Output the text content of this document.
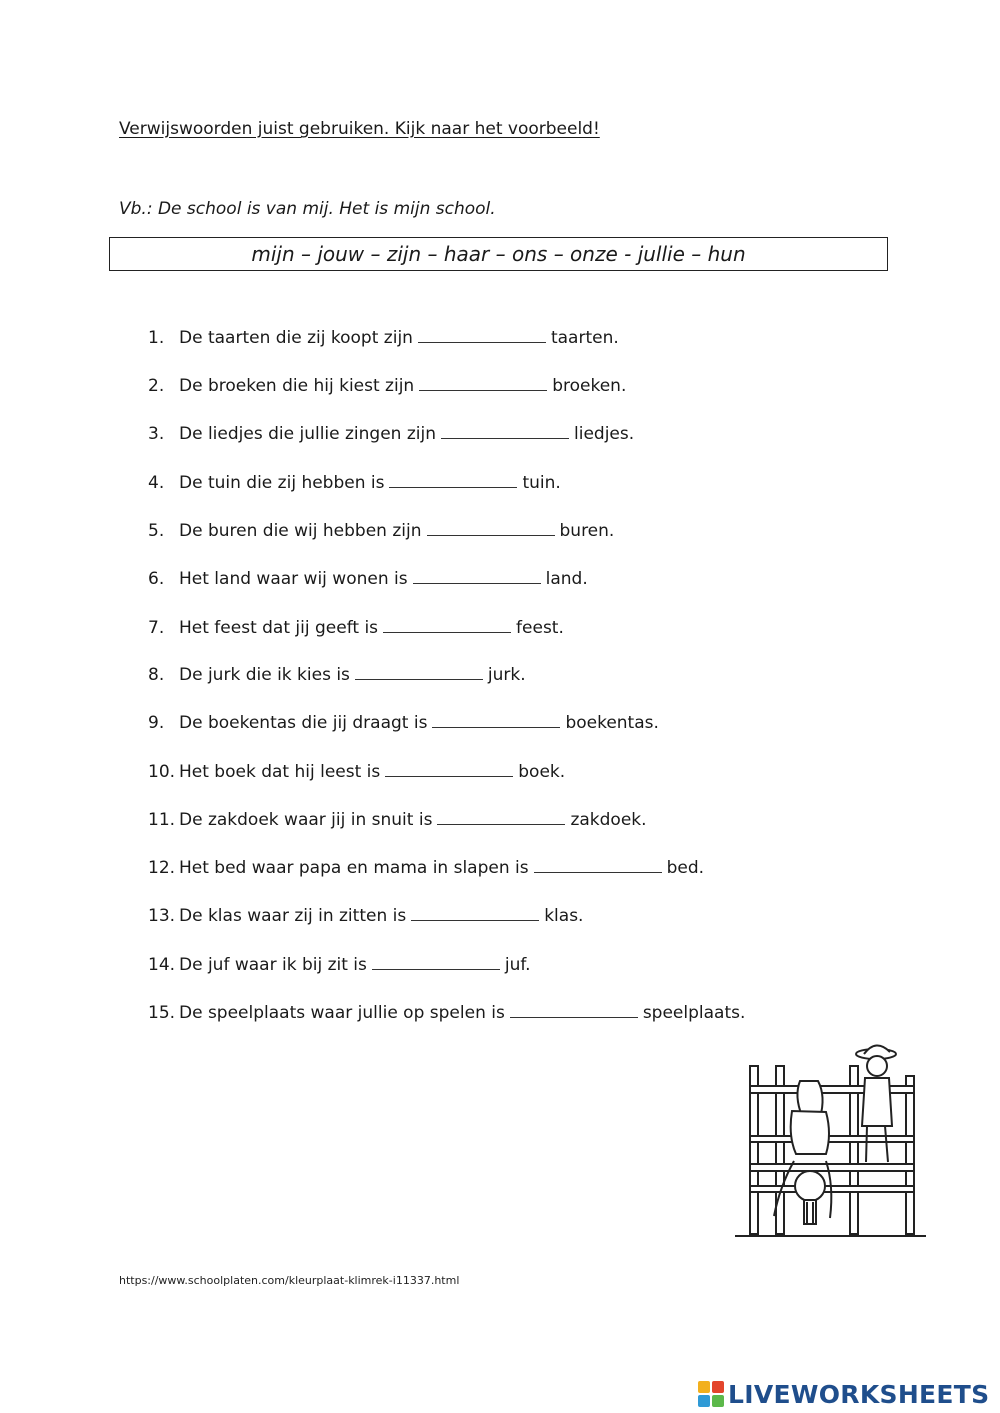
Verwijswoorden juist gebruiken. Kijk naar het voorbeeld!
Vb.: De school is van mij. Het is mijn school.
mijn – jouw – zijn – haar – ons – onze - jullie – hun
1. De taarten die zij koopt zijn	taarten.
2. De broeken die hij kiest zijn	broeken.
3. De liedjes die jullie zingen zijn	liedjes.
4. De tuin die zij hebben is	tuin.
5. De buren die wij hebben zijn	buren.
6. Het land waar wij wonen is	land.
7. Het feest dat jij geeft is	feest.
8. De jurk die ik kies is	jurk.
9. De boekentas die jij draagt is	boekentas.
10. Het boek dat hij leest is	boek.
11. De zakdoek waar jij in snuit is	zakdoek.
12. Het bed waar papa en mama in slapen is	bed.
13. De klas waar zij in zitten is	klas.
14. De juf waar ik bij zit is	juf.
15. De speelplaats waar jullie op spelen is	speelplaats.
https://www.schoolplaten.com/kleurplaat-klimrek-i11337.html
LIVEWORKSHEETS
